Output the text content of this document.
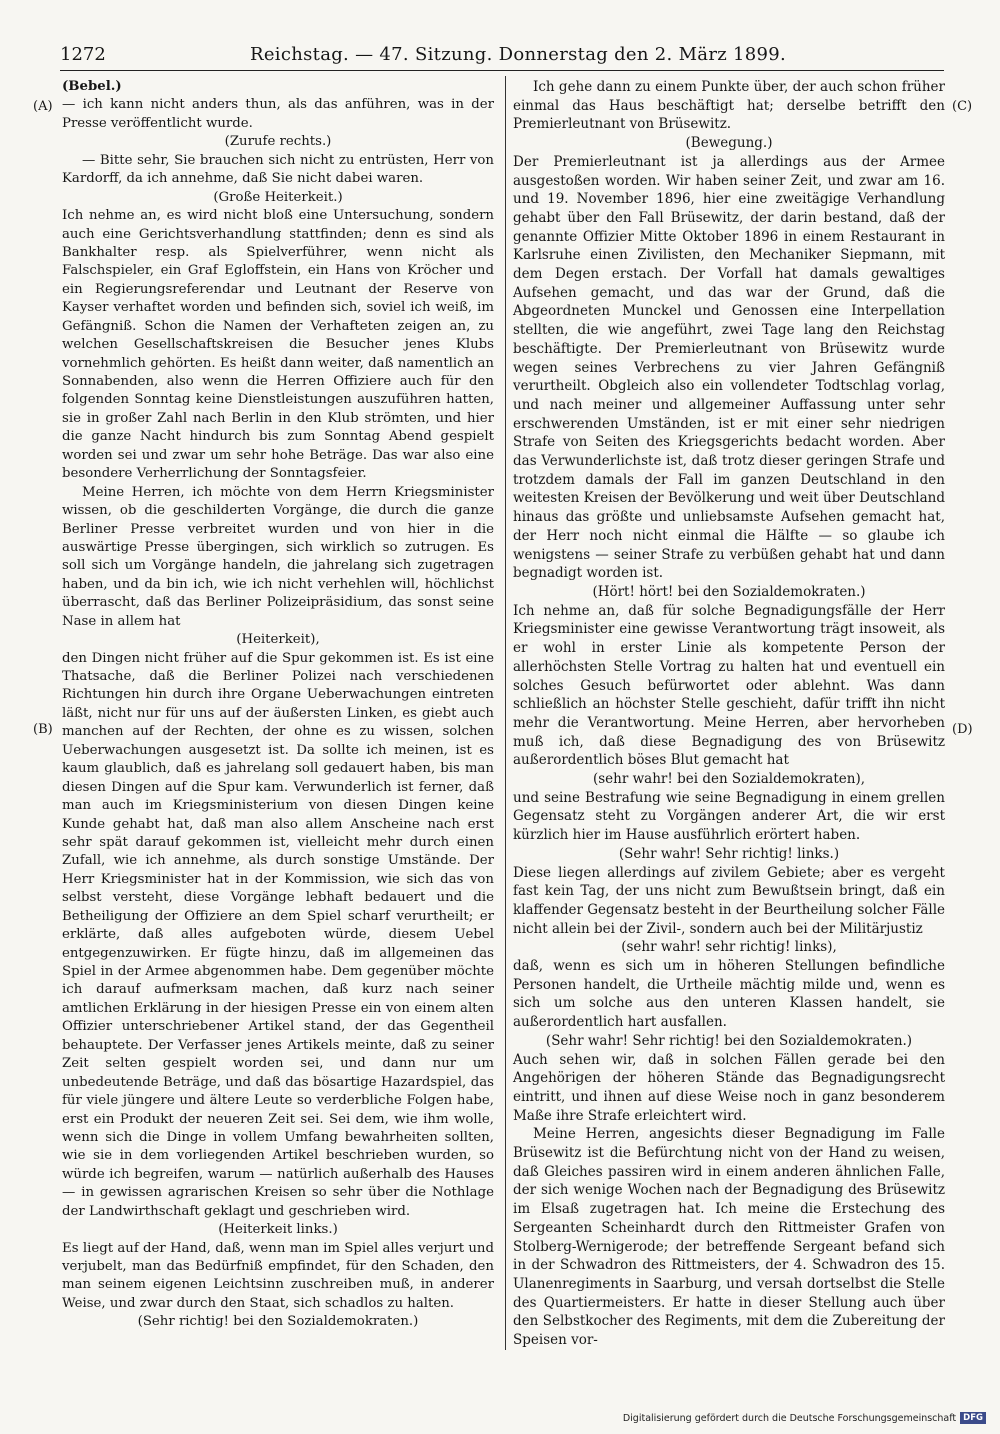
1272	Reichstag. — 47. Sitzung. Donnerstag den 2. März 1899.
(A)
(B)
(C)
(D)

(Bebel.)

— ich kann nicht anders thun, als das anführen, was in der Presse veröffentlicht wurde.

(Zurufe rechts.)

— Bitte sehr, Sie brauchen sich nicht zu entrüsten, Herr von Kardorff, da ich annehme, daß Sie nicht dabei waren.

(Große Heiterkeit.)

Ich nehme an, es wird nicht bloß eine Untersuchung, sondern auch eine Gerichtsverhandlung stattfinden; denn es sind als Bankhalter resp. als Spielverführer, wenn nicht als Falschspieler, ein Graf Egloffstein, ein Hans von Kröcher und ein Regierungsreferendar und Leutnant der Reserve von Kayser verhaftet worden und befinden sich, soviel ich weiß, im Gefängniß. Schon die Namen der Verhafteten zeigen an, zu welchen Gesellschaftskreisen die Besucher jenes Klubs vornehmlich gehörten. Es heißt dann weiter, daß namentlich an Sonnabenden, also wenn die Herren Offiziere auch für den folgenden Sonntag keine Dienstleistungen auszuführen hatten, sie in großer Zahl nach Berlin in den Klub strömten, und hier die ganze Nacht hindurch bis zum Sonntag Abend gespielt worden sei und zwar um sehr hohe Beträge. Das war also eine besondere Verherrlichung der Sonntagsfeier.

Meine Herren, ich möchte von dem Herrn Kriegsminister wissen, ob die geschilderten Vorgänge, die durch die ganze Berliner Presse verbreitet wurden und von hier in die auswärtige Presse übergingen, sich wirklich so zutrugen. Es soll sich um Vorgänge handeln, die jahrelang sich zugetragen haben, und da bin ich, wie ich nicht verhehlen will, höchlichst überrascht, daß das Berliner Polizeipräsidium, das sonst seine Nase in allem hat

(Heiterkeit),

den Dingen nicht früher auf die Spur gekommen ist. Es ist eine Thatsache, daß die Berliner Polizei nach verschiedenen Richtungen hin durch ihre Organe Ueberwachungen eintreten läßt, nicht nur für uns auf der äußersten Linken, es giebt auch manchen auf der Rechten, der ohne es zu wissen, solchen Ueberwachungen ausgesetzt ist. Da sollte ich meinen, ist es kaum glaublich, daß es jahrelang soll gedauert haben, bis man diesen Dingen auf die Spur kam. Verwunderlich ist ferner, daß man auch im Kriegsministerium von diesen Dingen keine Kunde gehabt hat, daß man also allem Anscheine nach erst sehr spät darauf gekommen ist, vielleicht mehr durch einen Zufall, wie ich annehme, als durch sonstige Umstände. Der Herr Kriegsminister hat in der Kommission, wie sich das von selbst versteht, diese Vorgänge lebhaft bedauert und die Betheiligung der Offiziere an dem Spiel scharf verurtheilt; er erklärte, daß alles aufgeboten würde, diesem Uebel entgegenzuwirken. Er fügte hinzu, daß im allgemeinen das Spiel in der Armee abgenommen habe. Dem gegenüber möchte ich darauf aufmerksam machen, daß kurz nach seiner amtlichen Erklärung in der hiesigen Presse ein von einem alten Offizier unterschriebener Artikel stand, der das Gegentheil behauptete. Der Verfasser jenes Artikels meinte, daß zu seiner Zeit selten gespielt worden sei, und dann nur um unbedeutende Beträge, und daß das bösartige Hazardspiel, das für viele jüngere und ältere Leute so verderbliche Folgen habe, erst ein Produkt der neueren Zeit sei. Sei dem, wie ihm wolle, wenn sich die Dinge in vollem Umfang bewahrheiten sollten, wie sie in dem vorliegenden Artikel beschrieben wurden, so würde ich begreifen, warum — natürlich außerhalb des Hauses — in gewissen agrarischen Kreisen so sehr über die Nothlage der Landwirthschaft geklagt und geschrieben wird.

(Heiterkeit links.)

Es liegt auf der Hand, daß, wenn man im Spiel alles verjurt und verjubelt, man das Bedürfniß empfindet, für den Schaden, den man seinem eigenen Leichtsinn zuschreiben muß, in anderer Weise, und zwar durch den Staat, sich schadlos zu halten.

(Sehr richtig! bei den Sozialdemokraten.)

Ich gehe dann zu einem Punkte über, der auch schon früher einmal das Haus beschäftigt hat; derselbe betrifft den Premierleutnant von Brüsewitz.

(Bewegung.)

Der Premierleutnant ist ja allerdings aus der Armee ausgestoßen worden. Wir haben seiner Zeit, und zwar am 16. und 19. November 1896, hier eine zweitägige Verhandlung gehabt über den Fall Brüsewitz, der darin bestand, daß der genannte Offizier Mitte Oktober 1896 in einem Restaurant in Karlsruhe einen Zivilisten, den Mechaniker Siepmann, mit dem Degen erstach. Der Vorfall hat damals gewaltiges Aufsehen gemacht, und das war der Grund, daß die Abgeordneten Munckel und Genossen eine Interpellation stellten, die wie angeführt, zwei Tage lang den Reichstag beschäftigte. Der Premierleutnant von Brüsewitz wurde wegen seines Verbrechens zu vier Jahren Gefängniß verurtheilt. Obgleich also ein vollendeter Todtschlag vorlag, und nach meiner und allgemeiner Auffassung unter sehr erschwerenden Umständen, ist er mit einer sehr niedrigen Strafe von Seiten des Kriegsgerichts bedacht worden. Aber das Verwunderlichste ist, daß trotz dieser geringen Strafe und trotzdem damals der Fall im ganzen Deutschland in den weitesten Kreisen der Bevölkerung und weit über Deutschland hinaus das größte und unliebsamste Aufsehen gemacht hat, der Herr noch nicht einmal die Hälfte — so glaube ich wenigstens — seiner Strafe zu verbüßen gehabt hat und dann begnadigt worden ist.

(Hört! hört! bei den Sozialdemokraten.)

Ich nehme an, daß für solche Begnadigungsfälle der Herr Kriegsminister eine gewisse Verantwortung trägt insoweit, als er wohl in erster Linie als kompetente Person der allerhöchsten Stelle Vortrag zu halten hat und eventuell ein solches Gesuch befürwortet oder ablehnt. Was dann schließlich an höchster Stelle geschieht, dafür trifft ihn nicht mehr die Verantwortung. Meine Herren, aber hervorheben muß ich, daß diese Begnadigung des von Brüsewitz außerordentlich böses Blut gemacht hat

(sehr wahr! bei den Sozialdemokraten),

und seine Bestrafung wie seine Begnadigung in einem grellen Gegensatz steht zu Vorgängen anderer Art, die wir erst kürzlich hier im Hause ausführlich erörtert haben.

(Sehr wahr! Sehr richtig! links.)

Diese liegen allerdings auf zivilem Gebiete; aber es vergeht fast kein Tag, der uns nicht zum Bewußtsein bringt, daß ein klaffender Gegensatz besteht in der Beurtheilung solcher Fälle nicht allein bei der Zivil-, sondern auch bei der Militärjustiz

(sehr wahr! sehr richtig! links),

daß, wenn es sich um in höheren Stellungen befindliche Personen handelt, die Urtheile mächtig milde und, wenn es sich um solche aus den unteren Klassen handelt, sie außerordentlich hart ausfallen.

(Sehr wahr! Sehr richtig! bei den Sozialdemokraten.)

Auch sehen wir, daß in solchen Fällen gerade bei den Angehörigen der höheren Stände das Begnadigungsrecht eintritt, und ihnen auf diese Weise noch in ganz besonderem Maße ihre Strafe erleichtert wird.

Meine Herren, angesichts dieser Begnadigung im Falle Brüsewitz ist die Befürchtung nicht von der Hand zu weisen, daß Gleiches passiren wird in einem anderen ähnlichen Falle, der sich wenige Wochen nach der Begnadigung des Brüsewitz im Elsaß zugetragen hat. Ich meine die Erstechung des Sergeanten Scheinhardt durch den Rittmeister Grafen von Stolberg-Wernigerode; der betreffende Sergeant befand sich in der Schwadron des Rittmeisters, der 4. Schwadron des 15. Ulanenregiments in Saarburg, und versah dortselbst die Stelle des Quartiermeisters. Er hatte in dieser Stellung auch über den Selbstkocher des Regiments, mit dem die Zubereitung der Speisen vor-

Digitalisierung gefördert durch die Deutsche Forschungsgemeinschaft DFG
